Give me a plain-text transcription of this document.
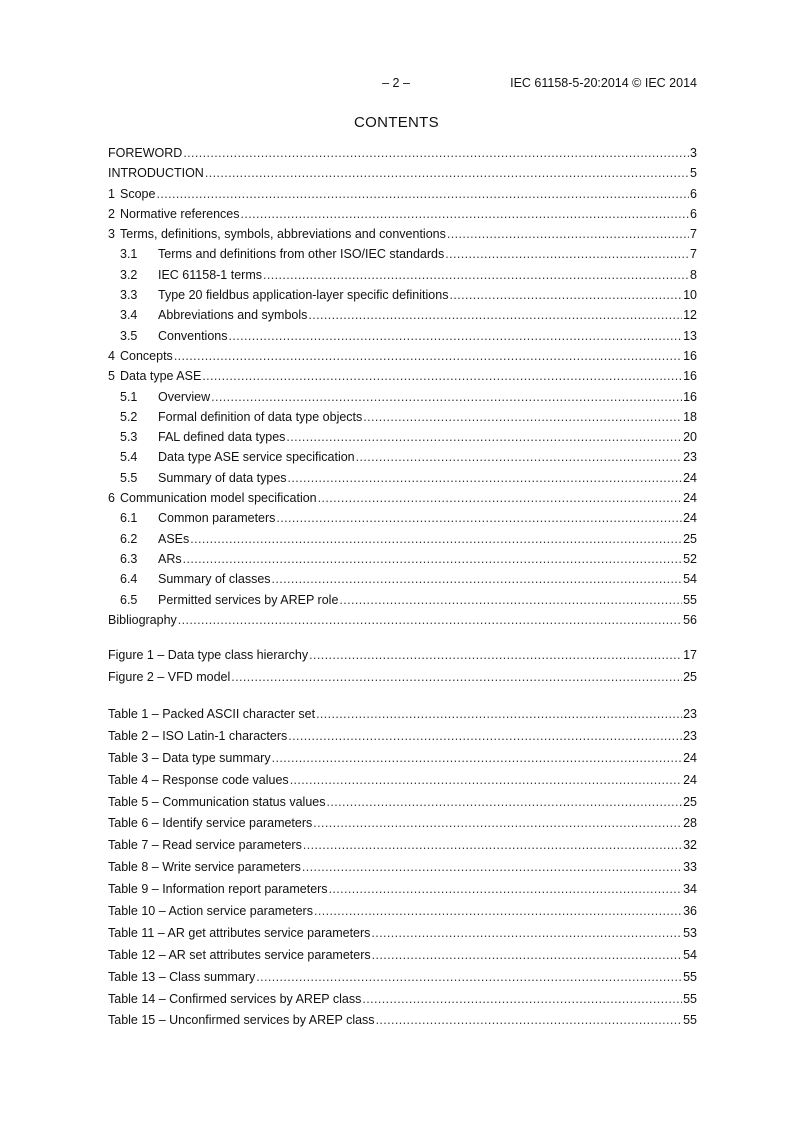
– 2 –	IEC 61158-5-20:2014 © IEC 2014
CONTENTS
FOREWORD .....	3
INTRODUCTION .....	5
1 Scope .....	6
2 Normative references .....	6
3 Terms, definitions, symbols, abbreviations and conventions .....	7
3.1	Terms and definitions from other ISO/IEC standards .....	7
3.2	IEC 61158-1 terms .....	8
3.3	Type 20 fieldbus application-layer specific definitions .....	10
3.4	Abbreviations and symbols .....	12
3.5	Conventions .....	13
4 Concepts .....	16
5 Data type ASE .....	16
5.1	Overview .....	16
5.2	Formal definition of data type objects .....	18
5.3	FAL defined data types .....	20
5.4	Data type ASE service specification .....	23
5.5	Summary of data types .....	24
6 Communication model specification .....	24
6.1	Common parameters .....	24
6.2	ASEs .....	25
6.3	ARs .....	52
6.4	Summary of classes .....	54
6.5	Permitted services by AREP role .....	55
Bibliography .....	56
Figure 1 – Data type class hierarchy .....	17
Figure 2 – VFD model .....	25
Table 1 – Packed ASCII character set .....	23
Table 2 – ISO Latin-1 characters .....	23
Table 3 – Data type summary .....	24
Table 4 – Response code values .....	24
Table 5 – Communication status values .....	25
Table 6 – Identify service parameters .....	28
Table 7 – Read service parameters .....	32
Table 8 – Write service parameters .....	33
Table 9 – Information report parameters .....	34
Table 10 – Action service parameters .....	36
Table 11 – AR get attributes service parameters .....	53
Table 12 – AR set attributes service parameters .....	54
Table 13 – Class summary .....	55
Table 14 – Confirmed services by AREP class .....	55
Table 15 – Unconfirmed services by AREP class .....	55
